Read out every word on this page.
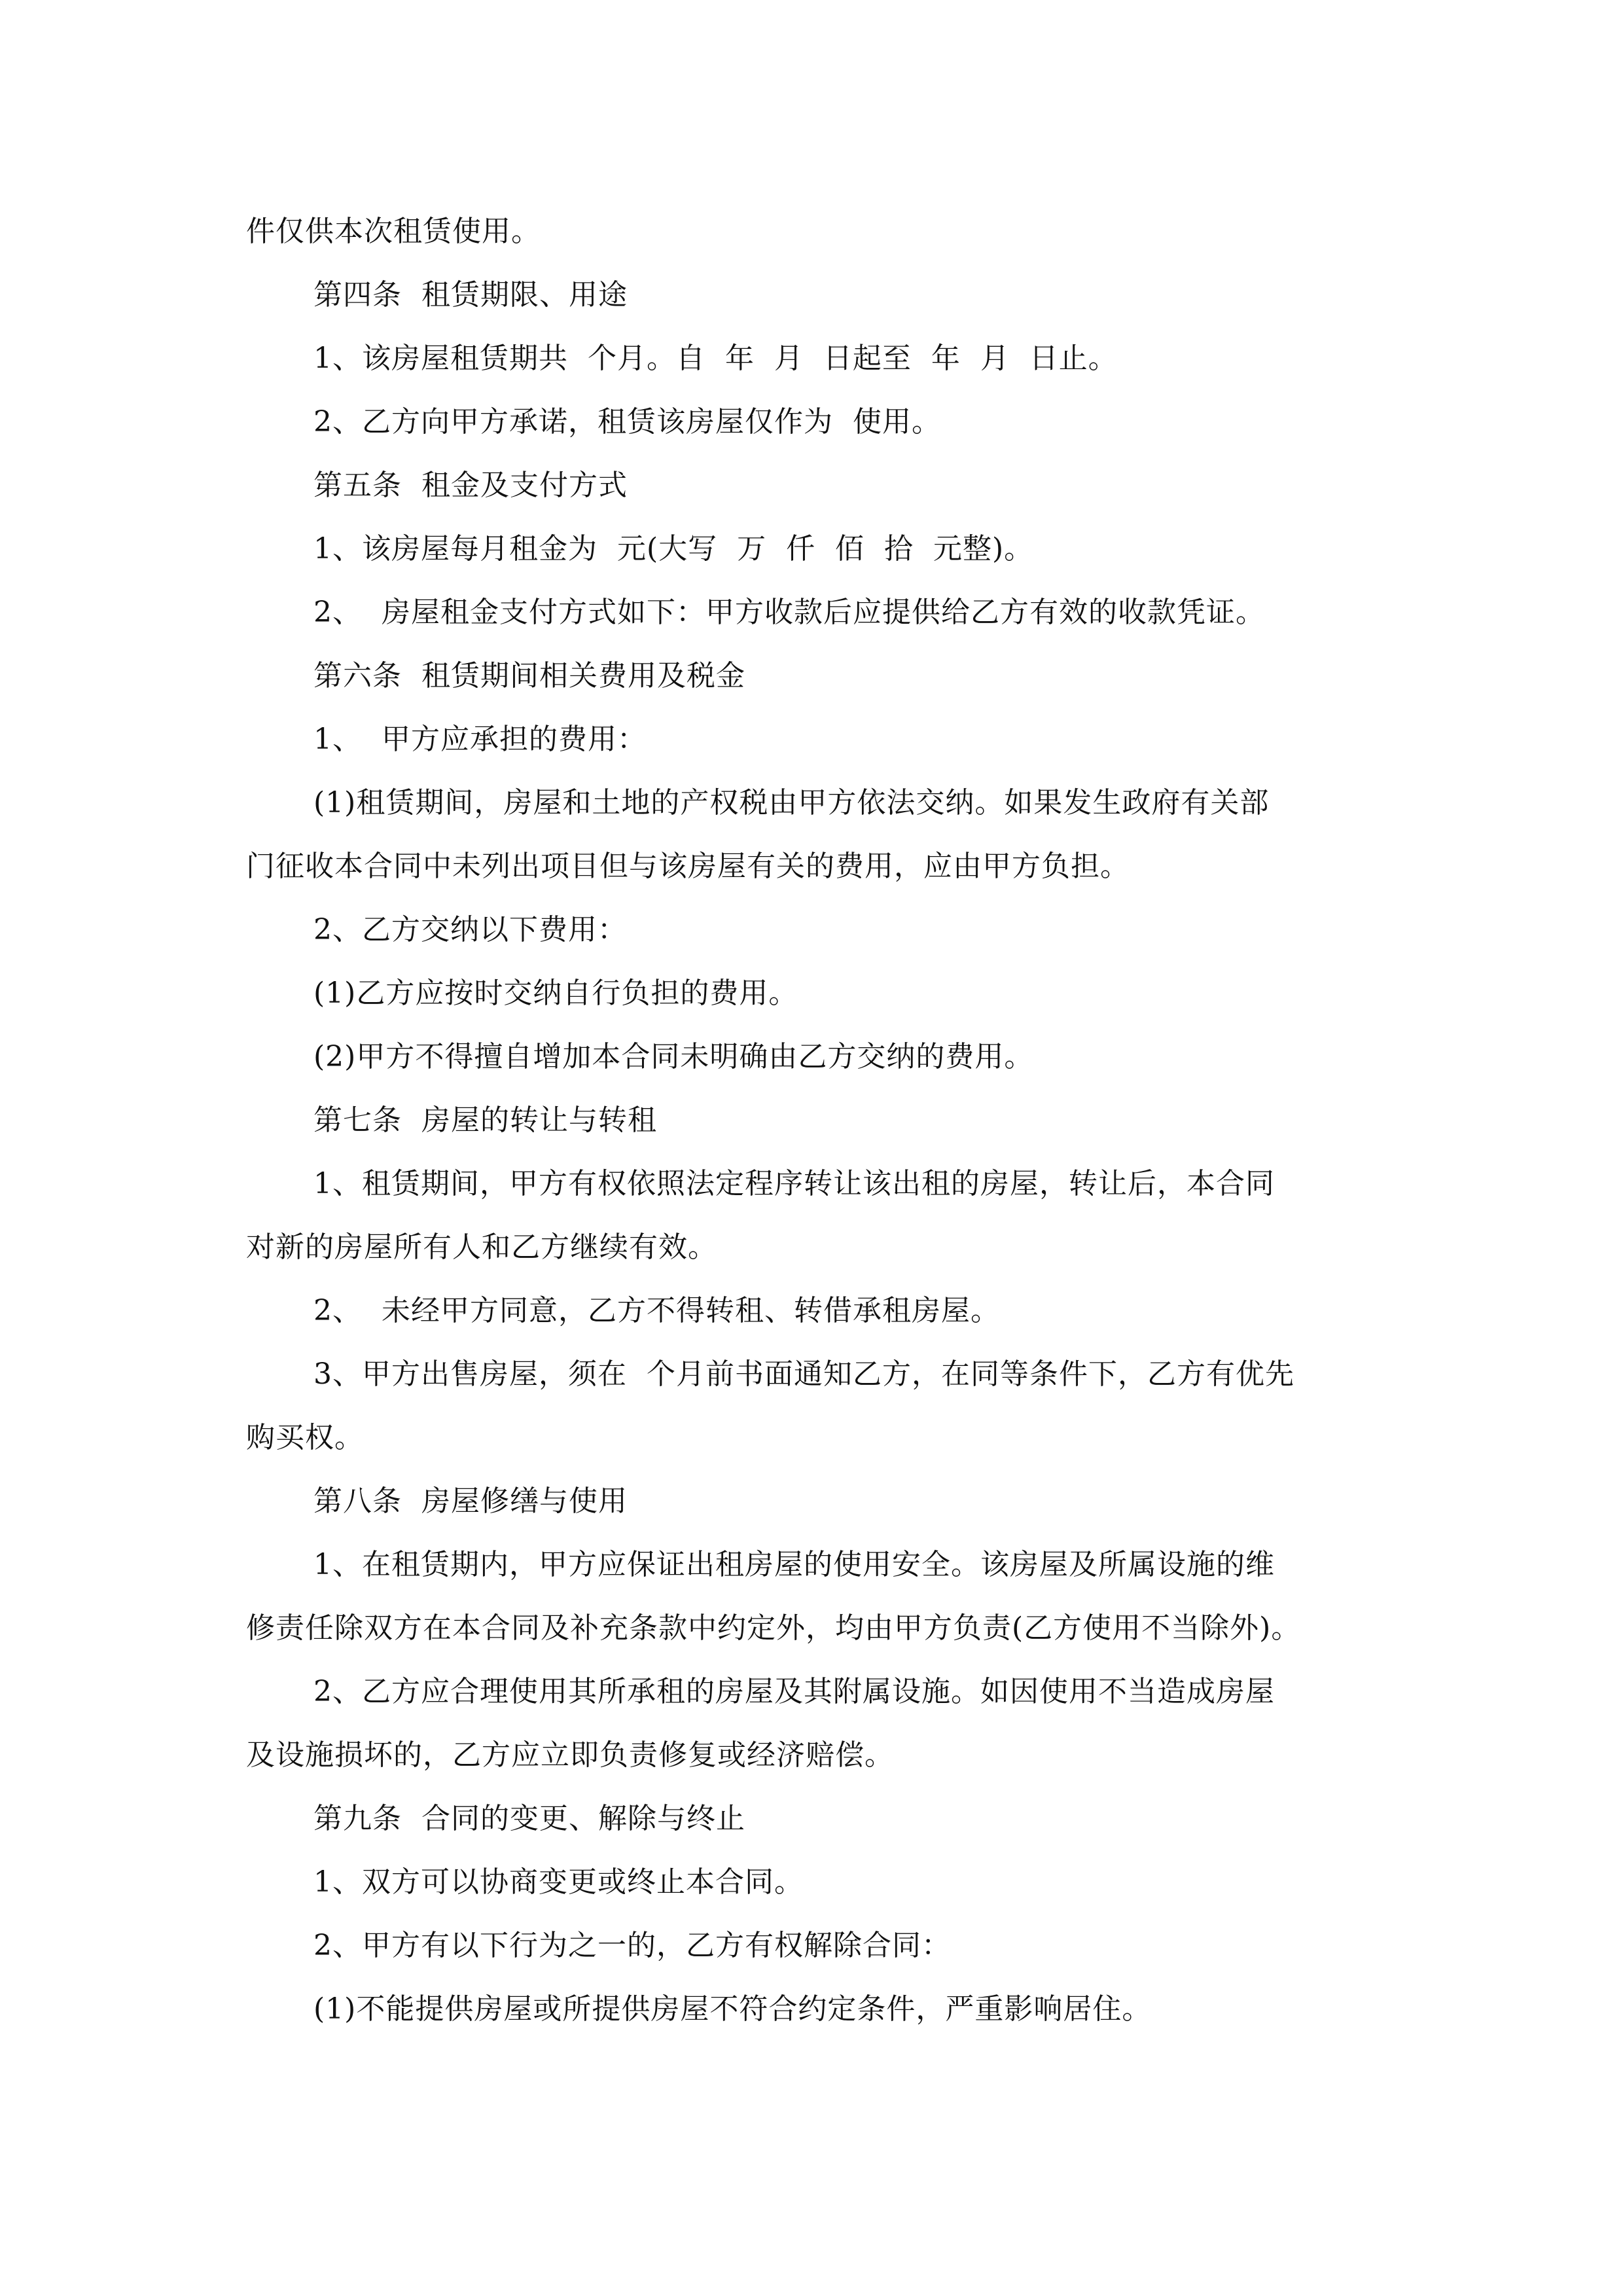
件仅供本次租赁使用。
第四条  租赁期限、用途
1、该房屋租赁期共  个月。自  年  月  日起至  年  月  日止。
2、乙方向甲方承诺，租赁该房屋仅作为  使用。
第五条  租金及支付方式
1、该房屋每月租金为  元(大写  万  仟  佰  拾  元整)。
2、  房屋租金支付方式如下：甲方收款后应提供给乙方有效的收款凭证。
第六条  租赁期间相关费用及税金
1、  甲方应承担的费用：
(1)租赁期间，房屋和土地的产权税由甲方依法交纳。如果发生政府有关部
门征收本合同中未列出项目但与该房屋有关的费用，应由甲方负担。
2、乙方交纳以下费用：
(1)乙方应按时交纳自行负担的费用。
(2)甲方不得擅自增加本合同未明确由乙方交纳的费用。
第七条  房屋的转让与转租
1、租赁期间，甲方有权依照法定程序转让该出租的房屋，转让后，本合同
对新的房屋所有人和乙方继续有效。
2、  未经甲方同意，乙方不得转租、转借承租房屋。
3、甲方出售房屋，须在  个月前书面通知乙方，在同等条件下，乙方有优先
购买权。
第八条  房屋修缮与使用
1、在租赁期内，甲方应保证出租房屋的使用安全。该房屋及所属设施的维
修责任除双方在本合同及补充条款中约定外，均由甲方负责(乙方使用不当除外)。
2、乙方应合理使用其所承租的房屋及其附属设施。如因使用不当造成房屋
及设施损坏的，乙方应立即负责修复或经济赔偿。
第九条  合同的变更、解除与终止
1、双方可以协商变更或终止本合同。
2、甲方有以下行为之一的，乙方有权解除合同：
(1)不能提供房屋或所提供房屋不符合约定条件，严重影响居住。
